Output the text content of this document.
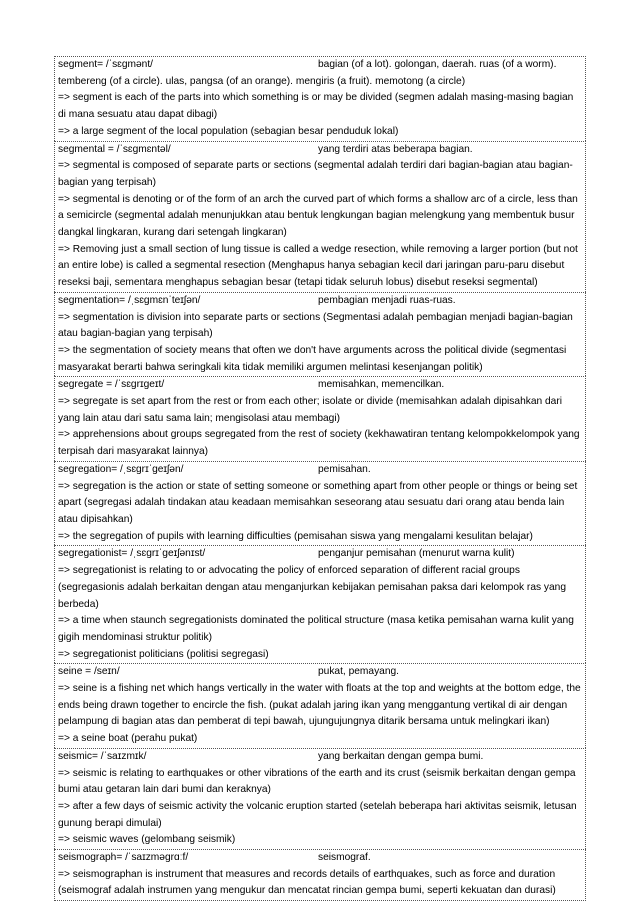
segment= /ˈsɛɡmənt/	bagian (of a lot). golongan, daerah. ruas (of a worm).

tembereng (of a circle). ulas, pangsa (of an orange). mengiris (a fruit). memotong (a circle)

=> segment is each of the parts into which something is or may be divided (segmen adalah masing-masing bagian di mana sesuatu atau dapat dibagi)

=> a large segment of the local population (sebagian besar penduduk lokal)

segmental = /ˈsɛɡmɛntəl/	yang terdiri atas beberapa bagian.

=> segmental is composed of separate parts or sections (segmental adalah terdiri dari bagian-bagian atau bagian-bagian yang terpisah)

=> segmental is denoting or of the form of an arch the curved part of which forms a shallow arc of a circle, less than a semicircle (segmental adalah menunjukkan atau bentuk lengkungan bagian melengkung yang membentuk busur dangkal lingkaran, kurang dari setengah lingkaran)

=> Removing just a small section of lung tissue is called a wedge resection, while removing a larger portion (but not an entire lobe) is called a segmental resection (Menghapus hanya sebagian kecil dari jaringan paru-paru disebut reseksi baji, sementara menghapus sebagian besar (tetapi tidak seluruh lobus) disebut reseksi segmental)

segmentation= /ˌsɛɡmɛnˈteɪʃən/	pembagian menjadi ruas-ruas.

=> segmentation is division into separate parts or sections (Segmentasi adalah pembagian menjadi bagian-bagian atau bagian-bagian yang terpisah)

=> the segmentation of society means that often we don't have arguments across the political divide (segmentasi masyarakat berarti bahwa seringkali kita tidak memiliki argumen melintasi kesenjangan politik)

segregate = /ˈsɛɡrɪɡeɪt/	memisahkan, memencilkan.

=> segregate is set apart from the rest or from each other; isolate or divide (memisahkan adalah dipisahkan dari yang lain atau dari satu sama lain; mengisolasi atau membagi)

=> apprehensions about groups segregated from the rest of society (kekhawatiran tentang kelompokkelompok yang terpisah dari masyarakat lainnya)

segregation= /ˌsɛɡrɪˈɡeɪʃən/	pemisahan.

=> segregation is the action or state of setting someone or something apart from other people or things or being set apart (segregasi adalah tindakan atau keadaan memisahkan seseorang atau sesuatu dari orang atau benda lain atau dipisahkan)

=> the segregation of pupils with learning difficulties (pemisahan siswa yang mengalami kesulitan belajar)

segregationist= /ˌsɛɡrɪˈɡeɪʃənɪst/	penganjur pemisahan (menurut warna kulit)

=> segregationist is relating to or advocating the policy of enforced separation of different racial groups (segregasionis adalah berkaitan dengan atau menganjurkan kebijakan pemisahan paksa dari kelompok ras yang berbeda)

=> a time when staunch segregationists dominated the political structure (masa ketika pemisahan warna kulit yang gigih mendominasi struktur politik)

=> segregationist politicians (politisi segregasi)

seine = /seɪn/	pukat, pemayang.

=> seine is a fishing net which hangs vertically in the water with floats at the top and weights at the bottom edge, the ends being drawn together to encircle the fish. (pukat adalah jaring ikan yang menggantung vertikal di air dengan pelampung di bagian atas dan pemberat di tepi bawah, ujungujungnya ditarik bersama untuk melingkari ikan)

=> a seine boat (perahu pukat)

seismic= /ˈsaɪzmɪk/	yang berkaitan dengan gempa bumi.

=> seismic is relating to earthquakes or other vibrations of the earth and its crust (seismik berkaitan dengan gempa bumi atau getaran lain dari bumi dan keraknya)

=> after a few days of seismic activity the volcanic eruption started (setelah beberapa hari aktivitas seismik, letusan gunung berapi dimulai)

=> seismic waves (gelombang seismik)

seismograph= /ˈsaɪzməɡrɑːf/	seismograf.

=> seismographan is instrument that measures and records details of earthquakes, such as force and duration (seismograf adalah instrumen yang mengukur dan mencatat rincian gempa bumi, seperti kekuatan dan durasi)
